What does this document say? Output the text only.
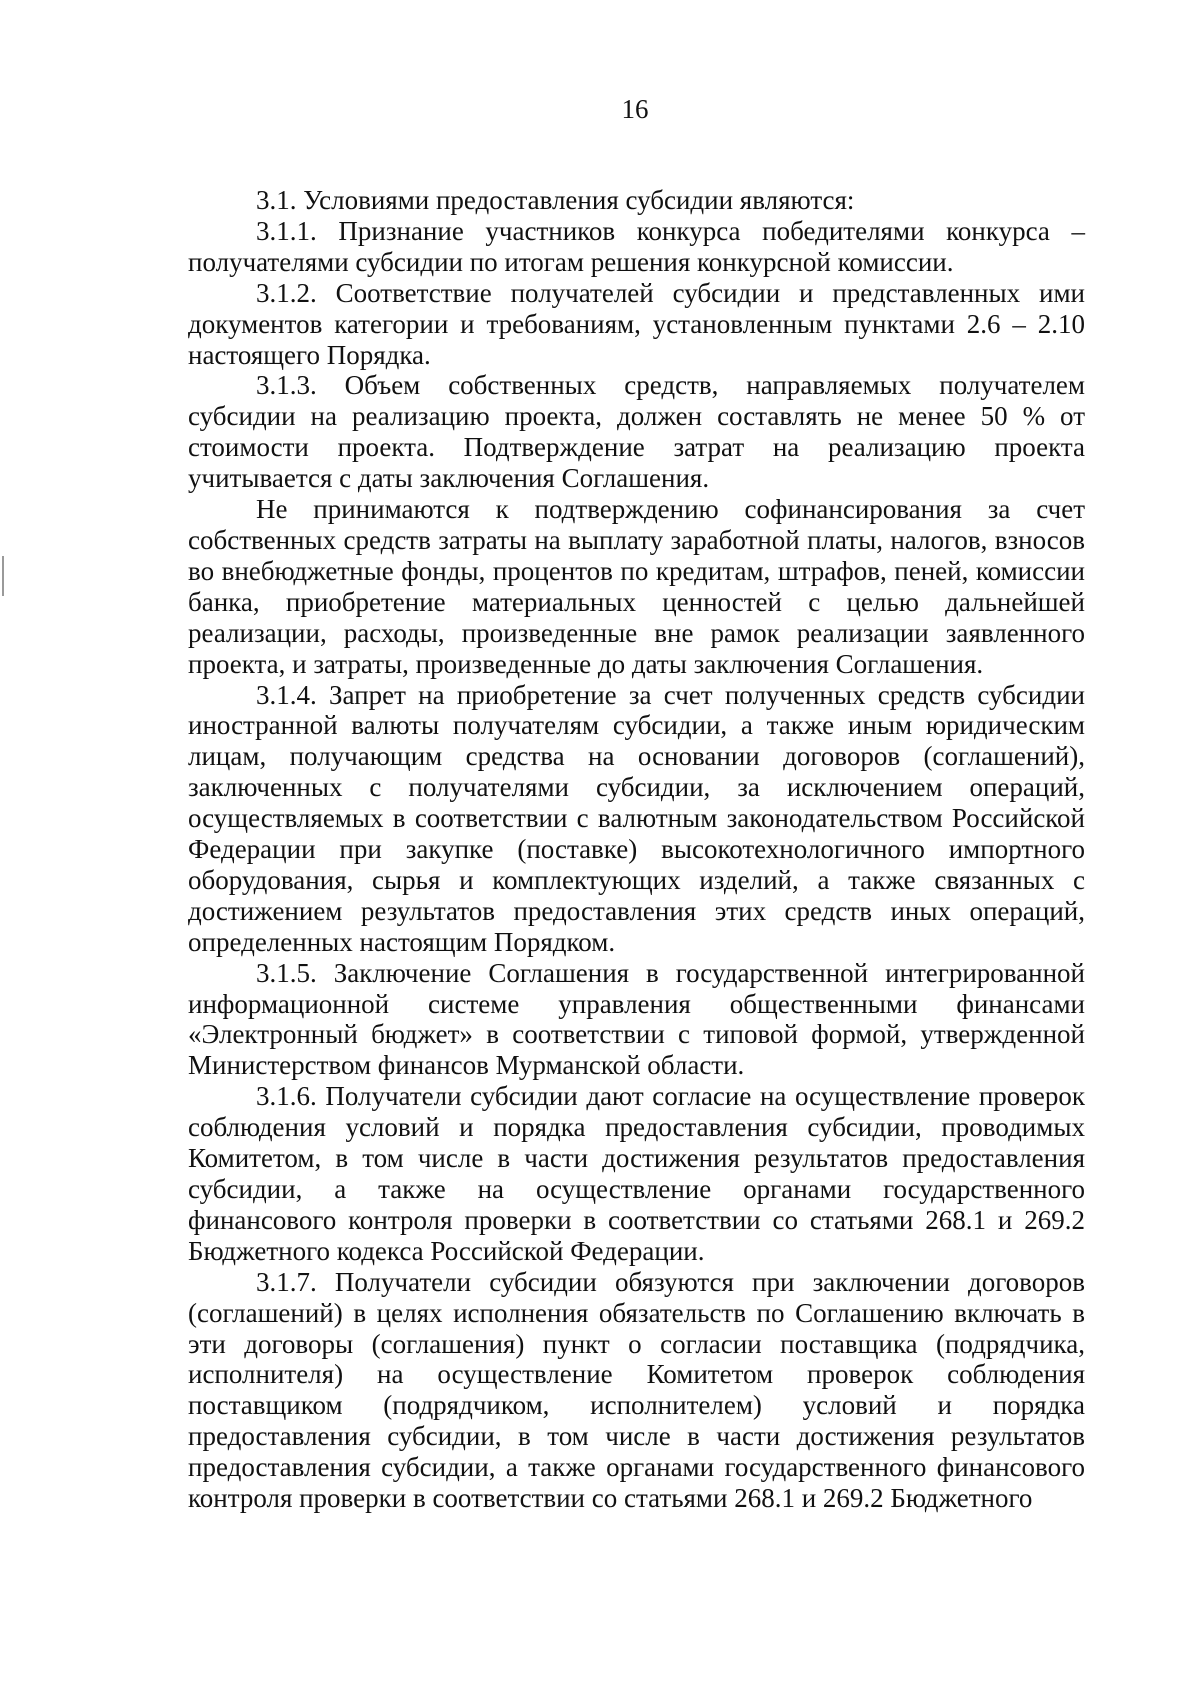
16

3.1. Условиями предоставления субсидии являются:

3.1.1. Признание участников конкурса победителями конкурса – получателями субсидии по итогам решения конкурсной комиссии.

3.1.2. Соответствие получателей субсидии и представленных ими документов категории и требованиям, установленным пунктами 2.6 – 2.10 настоящего Порядка.

3.1.3. Объем собственных средств, направляемых получателем субсидии на реализацию проекта, должен составлять не менее 50 % от стоимости проекта. Подтверждение затрат на реализацию проекта учитывается с даты заключения Соглашения.

Не принимаются к подтверждению софинансирования за счет собственных средств затраты на выплату заработной платы, налогов, взносов во внебюджетные фонды, процентов по кредитам, штрафов, пеней, комиссии банка, приобретение материальных ценностей с целью дальнейшей реализации, расходы, произведенные вне рамок реализации заявленного проекта, и затраты, произведенные до даты заключения Соглашения.

3.1.4. Запрет на приобретение за счет полученных средств субсидии иностранной валюты получателям субсидии, а также иным юридическим лицам, получающим средства на основании договоров (соглашений), заключенных с получателями субсидии, за исключением операций, осуществляемых в соответствии с валютным законодательством Российской Федерации при закупке (поставке) высокотехнологичного импортного оборудования, сырья и комплектующих изделий, а также связанных с достижением результатов предоставления этих средств иных операций, определенных настоящим Порядком.

3.1.5. Заключение Соглашения в государственной интегрированной информационной системе управления общественными финансами «Электронный бюджет» в соответствии с типовой формой, утвержденной Министерством финансов Мурманской области.

3.1.6. Получатели субсидии дают согласие на осуществление проверок соблюдения условий и порядка предоставления субсидии, проводимых Комитетом, в том числе в части достижения результатов предоставления субсидии, а также на осуществление органами государственного финансового контроля проверки в соответствии со статьями 268.1 и 269.2 Бюджетного кодекса Российской Федерации.

3.1.7. Получатели субсидии обязуются при заключении договоров (соглашений) в целях исполнения обязательств по Соглашению включать в эти договоры (соглашения) пункт о согласии поставщика (подрядчика, исполнителя) на осуществление Комитетом проверок соблюдения поставщиком (подрядчиком, исполнителем) условий и порядка предоставления субсидии, в том числе в части достижения результатов предоставления субсидии, а также органами государственного финансового контроля проверки в соответствии со статьями 268.1 и 269.2 Бюджетного
